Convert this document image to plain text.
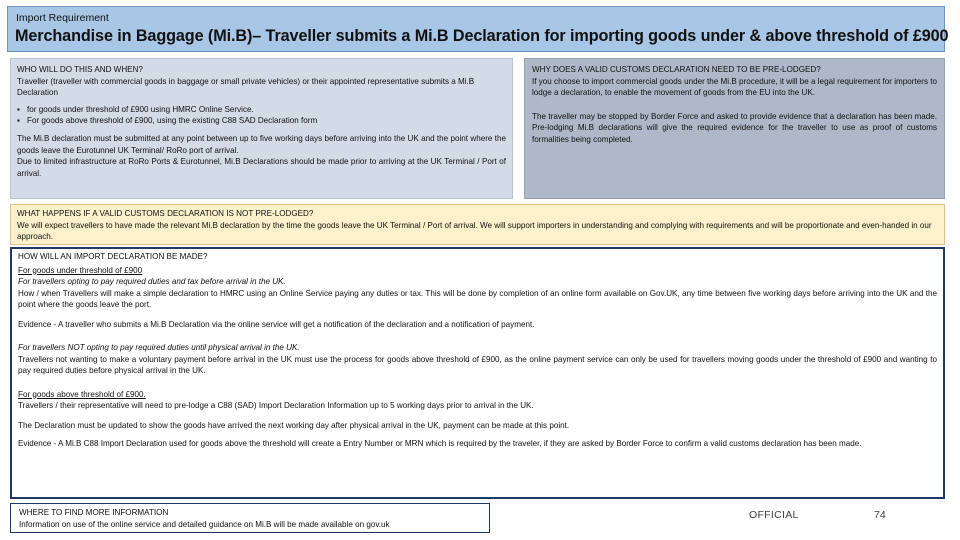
Import Requirement
Merchandise in Baggage (Mi.B)– Traveller submits a Mi.B Declaration for importing goods under & above threshold of £900
WHO WILL DO THIS AND WHEN?
Traveller (traveller with commercial goods in baggage or small private vehicles) or their appointed representative submits a Mi.B Declaration
▪ for goods under threshold of £900 using HMRC Online Service.
▪ For goods above threshold of £900, using the existing C88 SAD Declaration form
The Mi.B declaration must be submitted at any point between up to five working days before arriving into the UK and the point where the goods leave the Eurotunnel UK Terminal/ RoRo port of arrival.
Due to limited infrastructure at RoRo Ports & Eurotunnel, Mi.B Declarations should be made prior to arriving at the UK Terminal / Port of arrival.
WHY DOES A VALID CUSTOMS DECLARATION NEED TO BE PRE-LODGED?
If you choose to import commercial goods under the Mi.B procedure, it will be a legal requirement for importers to lodge a declaration, to enable the movement of goods from the EU into the UK.
The traveller may be stopped by Border Force and asked to provide evidence that a declaration has been made. Pre-lodging Mi.B declarations will give the required evidence for the traveller to use as proof of customs formalities being completed.
WHAT HAPPENS IF A VALID CUSTOMS DECLARATION IS NOT PRE-LODGED?
We will expect travellers to have made the relevant Mi.B declaration by the time the goods leave the UK Terminal / Port of arrival. We will support importers in understanding and complying with requirements and will be proportionate and even-handed in our approach.

HOW WILL AN IMPORT DECLARATION BE MADE?

For goods under threshold of £900

For travellers opting to pay required duties and tax before arrival in the UK.

How / when Travellers will make a simple declaration to HMRC using an Online Service paying any duties or tax. This will be done by completion of an online form available on Gov.UK, any time between five working days before arriving into the UK and the point where the goods leave the port.

Evidence - A traveller who submits a Mi.B Declaration via the online service will get a notification of the declaration and a notification of payment.

For travellers NOT opting to pay required duties until physical arrival in the UK.

Travellers not wanting to make a voluntary payment before arrival in the UK must use the process for goods above threshold of £900, as the online payment service can only be used for travellers moving goods under the threshold of £900 and wanting to pay required duties before physical arrival in the UK.

For goods above threshold of £900.

Travellers / their representative will need to pre-lodge a C88 (SAD) Import Declaration Information up to 5 working days prior to arrival in the UK.

The Declaration must be updated to show the goods have arrived the next working day after physical arrival in the UK, payment can be made at this point.

Evidence - A Mi.B C88 Import Declaration used for goods above the threshold will create a Entry Number or MRN which is required by the traveler, if they are asked by Border Force to confirm a valid customs declaration has been made.

WHERE TO FIND MORE INFORMATION
Information on use of the online service and detailed guidance on Mi.B will be made available on gov.uk
OFFICIAL	74
